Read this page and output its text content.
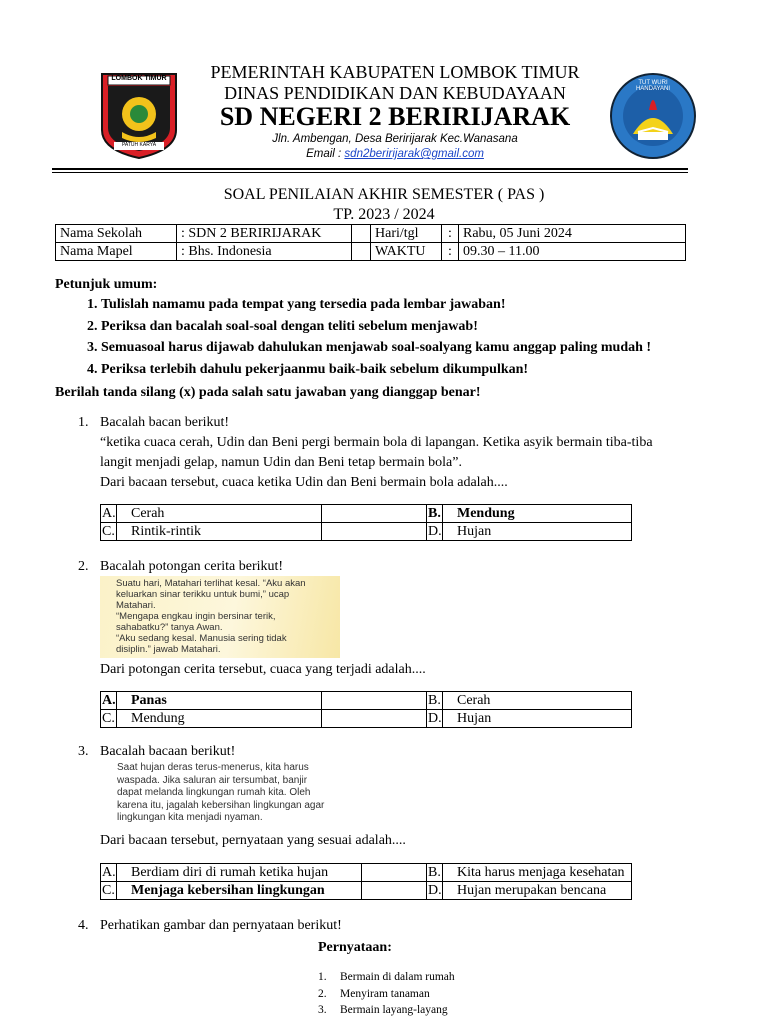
LOMBOK TIMUR
PATUH KARYA
TUT WURI HANDAYANI
PEMERINTAH KABUPATEN LOMBOK TIMUR
DINAS PENDIDIKAN DAN KEBUDAYAAN
SD NEGERI 2 BERIRIJARAK
Jln. Ambengan, Desa Beririjarak Kec.Wanasana
Email : sdn2beririjarak@gmail.com
SOAL PENILAIAN AKHIR SEMESTER ( PAS )
TP. 2023 / 2024
Nama Sekolah	: SDN 2 BERIRIJARAK		Hari/tgl	:	Rabu, 05 Juni 2024
Nama Mapel	: Bhs. Indonesia		WAKTU	:	09.30 – 11.00
Petunjuk umum:
1. Tulislah namamu pada tempat yang tersedia pada lembar jawaban!
2. Periksa dan bacalah soal-soal dengan teliti sebelum menjawab!
3. Semuasoal harus dijawab dahulukan menjawab soal-soalyang kamu anggap paling mudah !
4. Periksa terlebih dahulu pekerjaanmu baik-baik sebelum dikumpulkan!
Berilah tanda silang (x) pada salah satu jawaban yang dianggap benar!
1. Bacalah bacan berikut!
“ketika cuaca cerah, Udin dan Beni pergi bermain bola di lapangan. Ketika asyik bermain tiba-tiba
langit menjadi gelap, namun Udin dan Beni tetap bermain bola”.
Dari bacaan tersebut, cuaca ketika Udin dan Beni bermain bola adalah....
A.	Cerah		B.	Mendung
C.	Rintik-rintik		D.	Hujan
2. Bacalah potongan cerita berikut!
Suatu hari, Matahari terlihat kesal. “Aku akan
keluarkan sinar terikku untuk bumi,” ucap
Matahari.
“Mengapa engkau ingin bersinar terik,
sahabatku?” tanya Awan.
“Aku sedang kesal. Manusia sering tidak
disiplin.” jawab Matahari.
Dari potongan cerita tersebut, cuaca yang terjadi adalah....
A.	Panas		B.	Cerah
C.	Mendung		D.	Hujan
3. Bacalah bacaan berikut!
Saat hujan deras terus-menerus, kita harus
waspada. Jika saluran air tersumbat, banjir
dapat melanda lingkungan rumah kita. Oleh
karena itu, jagalah kebersihan lingkungan agar
lingkungan kita menjadi nyaman.
Dari bacaan tersebut, pernyataan yang sesuai adalah....
A.	Berdiam diri di rumah ketika hujan		B.	Kita harus menjaga kesehatan
C.	Menjaga kebersihan lingkungan		D.	Hujan merupakan bencana
4. Perhatikan gambar dan pernyataan berikut!
Pernyataan:
1. Bermain di dalam rumah
2. Menyiram tanaman
3. Bermain layang-layang
